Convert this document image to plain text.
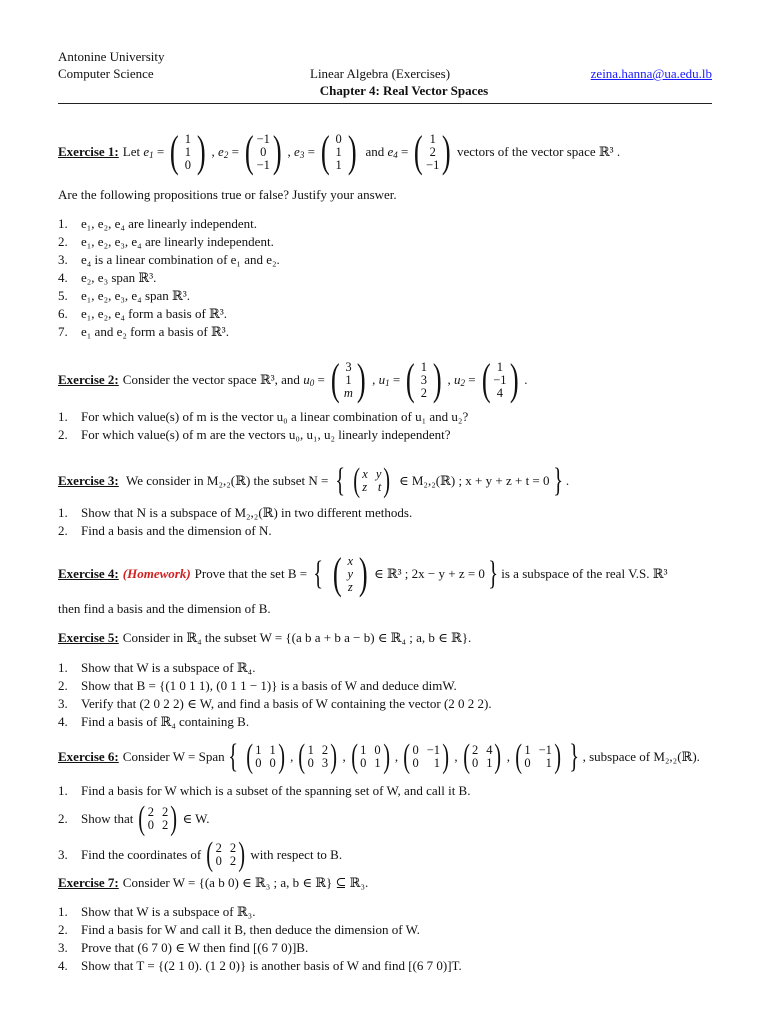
Antonine University
Computer Science	Linear Algebra (Exercises)	zeina.hanna@ua.edu.lb
Chapter 4: Real Vector Spaces
Exercise 1: Let
$e_1$ = ( 1
1
0 ) , $e_2$ = ( −1
0
−1 ) , $e_3$ = ( 0
1
1 ) and $e_4$ = ( 1
2
−1 ) vectors of the vector space ℝ³ .
Are the following propositions true or false? Justify your answer.
1. e₁, e₂, e₄ are linearly independent.
2. e₁, e₂, e₃, e₄ are linearly independent.
3. e₄ is a linear combination of e₁ and e₂.
4. e₂, e₃ span ℝ³.
5. e₁, e₂, e₃, e₄ span ℝ³.
6. e₁, e₂, e₄ form a basis of ℝ³.
7. e₁ and e₂ form a basis of ℝ³.
Exercise 2: Consider the vector space ℝ³, and
$u_0$ = ( 3
1
m ) , $u_1$ = ( 1
3
2 ) , $u_2$ = ( 1
−1
4 ) .
1. For which value(s) of m is the vector u₀ a linear combination of u₁ and u₂?
2. For which value(s) of m are the vectors u₀, u₁, u₂ linearly independent?
Exercise 3:
We consider in M₂,₂(ℝ) the subset N =
{ ( x y
z t )
∈ M₂,₂(ℝ) ; x + y + z + t = 0 } .
1. Show that N is a subspace of M₂,₂(ℝ) in two different methods.
2. Find a basis and the dimension of N.
Exercise 4: (Homework) Prove that the set B =
{ ( x
y
z ) ∈ ℝ³ ; 2x − y + z = 0 } is a subspace of the real V.S. ℝ³
then find a basis and the dimension of B.
Exercise 5: Consider in ℝ₄ the subset W = {(a b a + b a − b) ∈ ℝ₄ ; a, b ∈ ℝ}.
1. Show that W is a subspace of ℝ₄.
2. Show that B = {(1 0 1 1), (0 1 1 − 1)} is a basis of W and deduce dimW.
3. Verify that (2 0 2 2) ∈ W, and find a basis of W containing the vector (2 0 2 2).
4. Find a basis of ℝ₄ containing B.
Exercise 6: Consider W = Span { ( 1 1
0 0 ) , ( 1 2
0 3 ) , ( 1 0
0 1 ) , ( 0 −1
0 1 ) , ( 2 4
0 1 ) , ( 1 −1
0 1 ) } , subspace of M₂,₂(ℝ).
1. Find a basis for W which is a subset of the spanning set of W, and call it B.
2. Show that ( 2 2
0 2 ) ∈ W.
3. Find the coordinates of ( 2 2
0 2 ) with respect to B.
Exercise 7: Consider W = {(a b 0) ∈ ℝ₃ ; a, b ∈ ℝ} ⊆ ℝ₃.
1. Show that W is a subspace of ℝ₃.
2. Find a basis for W and call it B, then deduce the dimension of W.
3. Prove that (6 7 0) ∈ W then find [(6 7 0)]B.
4. Show that T = {(2 1 0). (1 2 0)} is another basis of W and find [(6 7 0)]T.
